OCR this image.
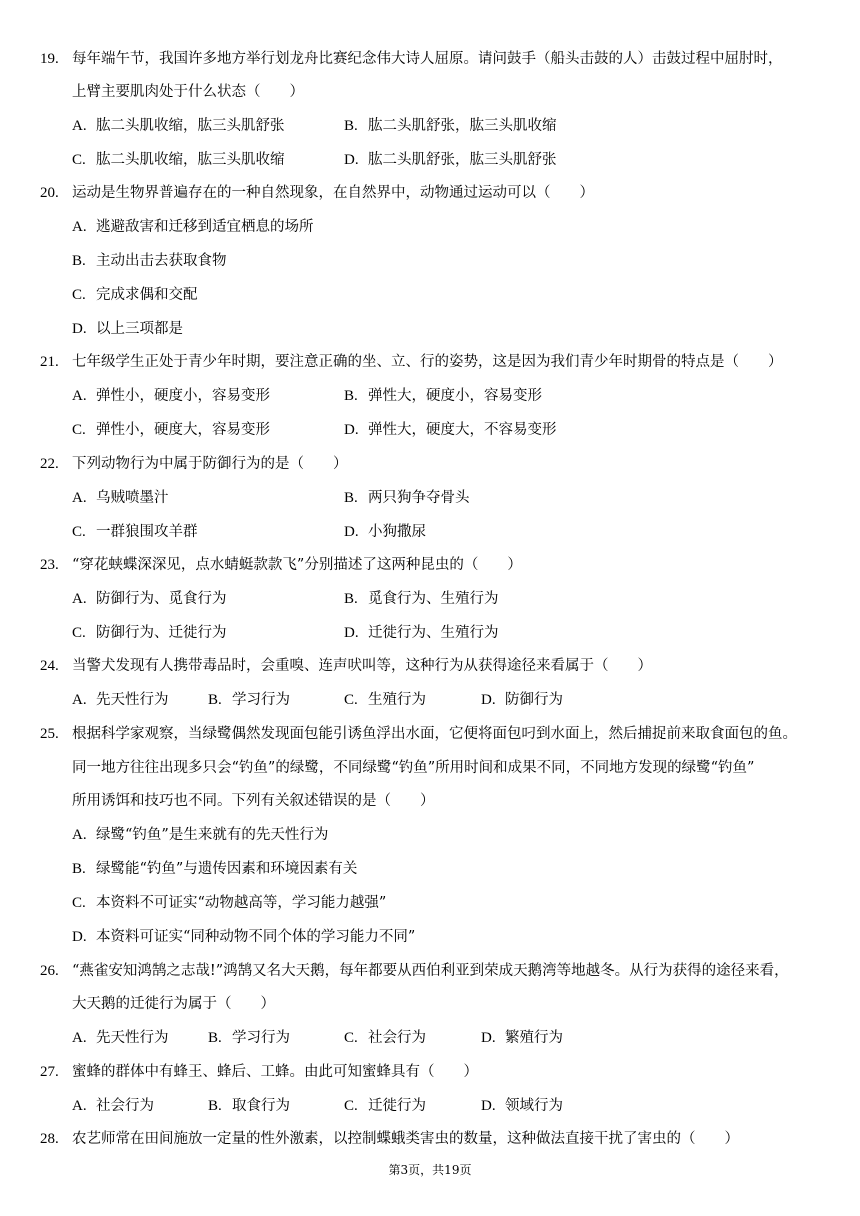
19. 每年端午节，我国许多地方举行划龙舟比赛纪念伟大诗人屈原。请问鼓手（船头击鼓的人）击鼓过程中屈肘时，
上臂主要肌肉处于什么状态（　　）
A. 肱二头肌收缩，肱三头肌舒张	B. 肱二头肌舒张，肱三头肌收缩
C. 肱二头肌收缩，肱三头肌收缩	D. 肱二头肌舒张，肱三头肌舒张
20. 运动是生物界普遍存在的一种自然现象，在自然界中，动物通过运动可以（　　）
A. 逃避敌害和迁移到适宜栖息的场所
B. 主动出击去获取食物
C. 完成求偶和交配
D. 以上三项都是
21. 七年级学生正处于青少年时期，要注意正确的坐、立、行的姿势，这是因为我们青少年时期骨的特点是（　　）
A. 弹性小，硬度小，容易变形	B. 弹性大，硬度小，容易变形
C. 弹性小，硬度大，容易变形	D. 弹性大，硬度大，不容易变形
22. 下列动物行为中属于防御行为的是（　　）
A. 乌贼喷墨汁	B. 两只狗争夺骨头
C. 一群狼围攻羊群	D. 小狗撒尿
23. “穿花蛱蝶深深见，点水蜻蜓款款飞”分别描述了这两种昆虫的（　　）
A. 防御行为、觅食行为	B. 觅食行为、生殖行为
C. 防御行为、迁徙行为	D. 迁徙行为、生殖行为
24. 当警犬发现有人携带毒品时，会重嗅、连声吠叫等，这种行为从获得途径来看属于（　　）
A. 先天性行为	B. 学习行为	C. 生殖行为	D. 防御行为
25. 根据科学家观察，当绿鹭偶然发现面包能引诱鱼浮出水面，它便将面包叼到水面上，然后捕捉前来取食面包的鱼。
同一地方往往出现多只会“钓鱼”的绿鹭，不同绿鹭“钓鱼”所用时间和成果不同，不同地方发现的绿鹭“钓鱼”
所用诱饵和技巧也不同。下列有关叙述错误的是（　　）
A. 绿鹭“钓鱼”是生来就有的先天性行为
B. 绿鹭能“钓鱼”与遗传因素和环境因素有关
C. 本资料不可证实“动物越高等，学习能力越强”
D. 本资料可证实“同种动物不同个体的学习能力不同”
26. “燕雀安知鸿鹄之志哉!”鸿鹄又名大天鹅，每年都要从西伯利亚到荣成天鹅湾等地越冬。从行为获得的途径来看，
大天鹅的迁徙行为属于（　　）
A. 先天性行为	B. 学习行为	C. 社会行为	D. 繁殖行为
27. 蜜蜂的群体中有蜂王、蜂后、工蜂。由此可知蜜蜂具有（　　）
A. 社会行为	B. 取食行为	C. 迁徙行为	D. 领域行为
28. 农艺师常在田间施放一定量的性外激素，以控制蝶蛾类害虫的数量，这种做法直接干扰了害虫的（　　）
第3页，共19页
